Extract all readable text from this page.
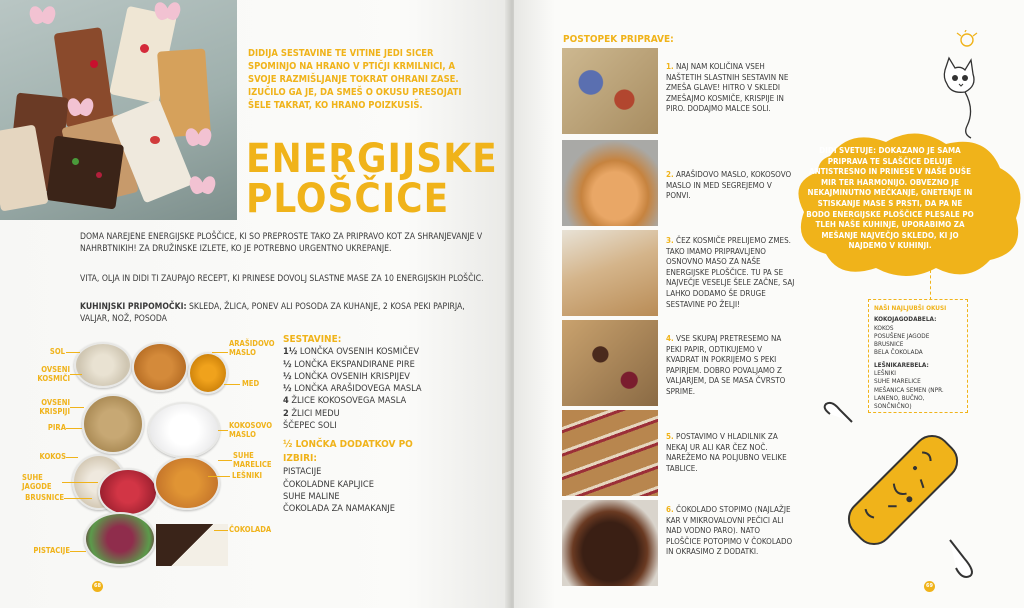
DIDIJA SESTAVINE TE VITINE JEDI SICER SPOMINJO NA HRANO V PTIČJI KRMILNICI, A SVOJE RAZMIŠLJANJE TOKRAT OHRANI ZASE. IZUČILO GA JE, DA SMEŠ O OKUSU PRESOJATI ŠELE TAKRAT, KO HRANO POIZKUSIŠ.
ENERGIJSKE
PLOŠČICE
DOMA NAREJENE ENERGIJSKE PLOŠČICE, KI SO PREPROSTE TAKO ZA PRIPRAVO KOT ZA SHRANJEVANJE V NAHRBTNIKIH! ZA DRUŽINSKE IZLETE, KO JE POTREBNO URGENTNO UKREPANJE.
VITA, OLJA IN DIDI TI ZAUPAJO RECEPT, KI PRINESE DOVOLJ SLASTNE MASE ZA 10 ENERGIJSKIH PLOŠČIC.
KUHINJSKI PRIPOMOČKI: SKLEDA, ŽLICA, PONEV ALI POSODA ZA KUHANJE, 2 KOSA PEKI PAPIRJA, VALJAR, NOŽ, POSODA
SOL
OVSENI KOSMIČI
OVSENI KRISPIJI
PIRA
KOKOS
SUHE JAGODE
BRUSNICE
PISTACIJE
ARAŠIDOVO MASLO
MED
KOKOSOVO MASLO
SUHE MARELICE
LEŠNIKI
ČOKOLADA
SESTAVINE:
1½ LONČKA OVSENIH KOSMIČEV
½ LONČKA EKSPANDIRANE PIRE
½ LONČKA OVSENIH KRISPIJEV
½ LONČKA ARAŠIDOVEGA MASLA
4 ŽLICE KOKOSOVEGA MASLA
2 ŽLICI MEDU
ŠČEPEC SOLI
½ LONČKA DODATKOV PO IZBIRI:
PISTACIJE
ČOKOLADNE KAPLJICE
SUHE MALINE
ČOKOLADA ZA NAMAKANJE
68
POSTOPEK PRIPRAVE:
1. NAJ NAM KOLIČINA VSEH NAŠTETIH SLASTNIH SESTAVIN NE ZMEŠA GLAVE! HITRO V SKLEDI ZMEŠAJMO KOSMIČE, KRISPIJE IN PIRO. DODAJMO MALCE SOLI.
2. ARAŠIDOVO MASLO, KOKOSOVO MASLO IN MED SEGREJEMO V PONVI.
3. ČEZ KOSMIČE PRELIJEMO ZMES. TAKO IMAMO PRIPRAVLJENO OSNOVNO MASO ZA NAŠE ENERGIJSKE PLOŠČICE. TU PA SE NAJVEČJE VESELJE ŠELE ZAČNE, SAJ LAHKO DODAMO ŠE DRUGE SESTAVINE PO ŽELJI!
4. VSE SKUPAJ PRETRESEMO NA PEKI PAPIR, ODTIKUJEMO V KVADRAT IN POKRIJEMO S PEKI PAPIRJEM. DOBRO POVALJAMO Z VALJARJEM, DA SE MASA ČVRSTO SPRIME.
5. POSTAVIMO V HLADILNIK ZA NEKAJ UR ALI KAR ČEZ NOČ. NAREŽEMO NA POLJUBNO VELIKE TABLICE.
6. ČOKOLADO STOPIMO (NAJLAŽJE KAR V MIKROVALOVNI PEČICI ALI NAD VODNO PARO). NATO PLOŠČICE POTOPIMO V ČOKOLADO IN OKRASIMO Z DODATKI.
DIDI SVETUJE: DOKAZANO JE SAMA PRIPRAVA TE SLAŠČICE DELUJE ANTISTRESNO IN PRINESE V NAŠE DUŠE MIR TER HARMONIJO. OBVEZNO JE NEKAJMINUTNO MEČKANJE, GNETENJE IN STISKANJE MASE S PRSTI, DA PA NE BODO ENERGIJSKE PLOŠČICE PLESALE PO TLEH NAŠE KUHINJE, UPORABIMO ZA MEŠANJE NAJVEČJO SKLEDO, KI JO NAJDEMO V KUHINJI.
NAŠI NAJLJUBŠI OKUSI
KOKOJAGODABELA:
KOKOS
POSUŠENE JAGODE
BRUSNICE
BELA ČOKOLADA
LEŠNIKAREBELA:
LEŠNIKI
SUHE MARELICE
MEŠANICA SEMEN (NPR. LANENO, BUČNO, SONČNIČNO)
69
